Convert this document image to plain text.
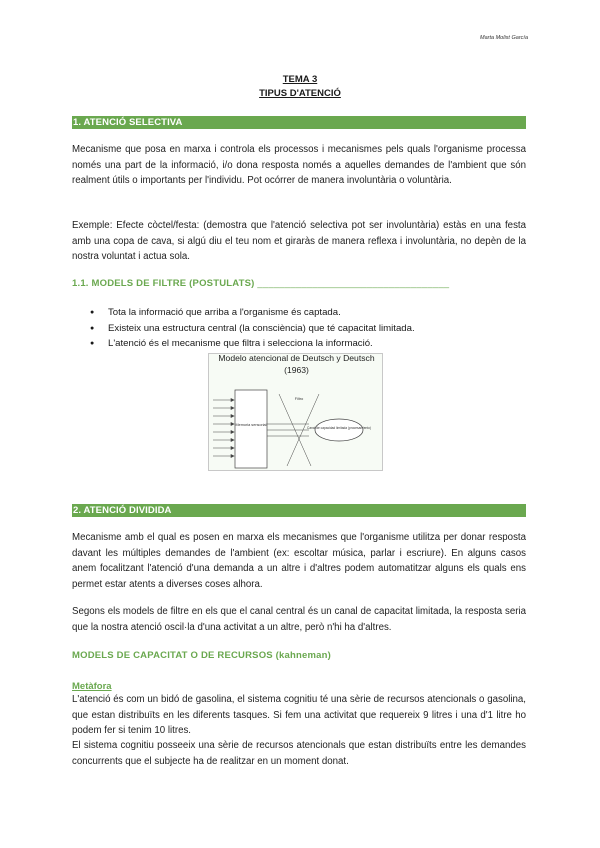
Marta Molist García
TEMA 3
TIPUS D'ATENCIÓ
1. ATENCIÓ SELECTIVA

Mecanisme que posa en marxa i controla els processos i mecanismes pels quals l'organisme processa només una part de la informació, i/o dona resposta només a aquelles demandes de l'ambient que són realment útils o importants per l'individu. Pot ocórrer de manera involuntària o voluntària.

Exemple: Efecte còctel/festa: (demostra que l'atenció selectiva pot ser involuntària) estàs en una festa amb una copa de cava, si algú diu el teu nom et giraràs de manera reflexa i involuntària, no depèn de la nostra voluntat i actua sola.

1.1. MODELS DE FILTRE (POSTULATS) ___________________________________
● Tota la informació que arriba a l'organisme és captada.
● Existeix una estructura central (la consciència) que té capacitat limitada.
● L'atenció és el mecanisme que filtra i selecciona la informació.
Memoria sensorial
Filtro
Canal de capacidad limitada (procesamiento)
Modelo atencional de Deutsch y Deutsch (1963)
2. ATENCIÓ DIVIDIDA

Mecanisme amb el qual es posen en marxa els mecanismes que l'organisme utilitza per donar resposta davant les múltiples demandes de l'ambient (ex: escoltar música, parlar i escriure). En alguns casos anem focalitzant l'atenció d'una demanda a un altre i d'altres podem automatitzar alguns els quals ens permet estar atents a diverses coses alhora.

Segons els models de filtre en els que el canal central és un canal de capacitat limitada, la resposta seria que la nostra atenció oscil·la d'una activitat a un altre, però n'hi ha d'altres.

MODELS DE CAPACITAT O DE RECURSOS (kahneman)
Metàfora

L'atenció és com un bidó de gasolina, el sistema cognitiu té una sèrie de recursos atencionals o gasolina, que estan distribuïts en les diferents tasques. Si fem una activitat que requereix 9 litres i una d'1 litre ho podem fer si tenim 10 litres.

El sistema cognitiu posseeix una sèrie de recursos atencionals que estan distribuïts entre les demandes concurrents que el subjecte ha de realitzar en un moment donat.
